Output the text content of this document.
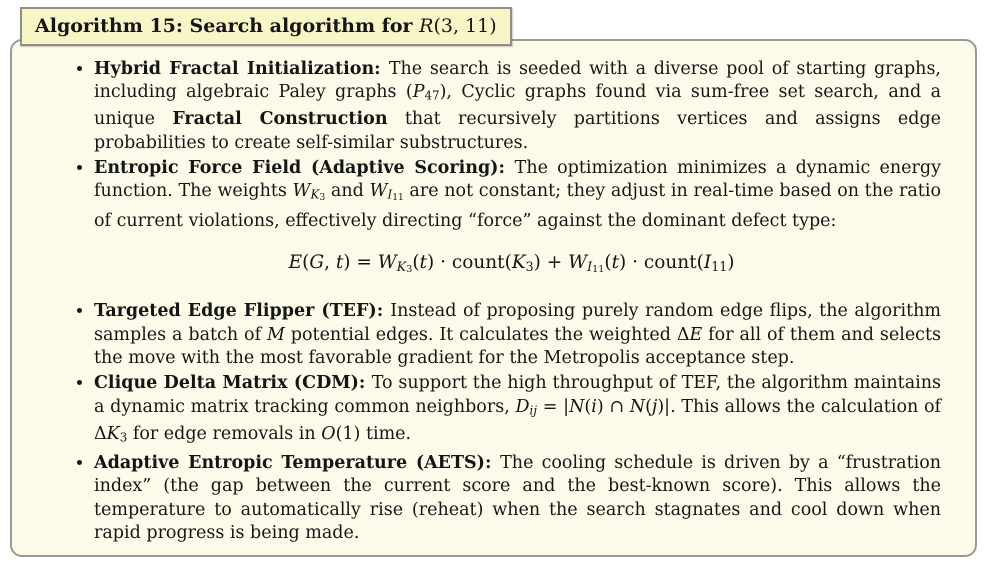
• Hybrid Fractal Initialization: The search is seeded with a diverse pool of starting graphs, including algebraic Paley graphs (P47), Cyclic graphs found via sum-free set search, and a unique Fractal Construction that recursively partitions vertices and assigns edge probabilities to create self-similar substructures.
• Entropic Force Field (Adaptive Scoring): The optimization minimizes a dynamic energy function. The weights $WK_3$ and $WI_{11}$ are not constant; they adjust in real-time based on the ratio of current violations, effectively directing “force” against the dominant defect type:
E(G, $t) = WK_3(t)$ · count(K3) + $WI_{11}(t)$ · count(I11)
• Targeted Edge Flipper (TEF): Instead of proposing purely random edge flips, the algorithm samples a batch of M potential edges. It calculates the weighted ΔE for all of them and selects the move with the most favorable gradient for the Metropolis acceptance step.
• Clique Delta Matrix (CDM): To support the high throughput of TEF, the algorithm maintains a dynamic matrix tracking common neighbors, Dij = |N(i) ∩ N(j)|. This allows the calculation of ΔK3 for edge removals in O(1) time.
• Adaptive Entropic Temperature (AETS): The cooling schedule is driven by a “frustration index” (the gap between the current score and the best-known score). This allows the temperature to automatically rise (reheat) when the search stagnates and cool down when rapid progress is being made.
Algorithm 15: Search algorithm for R(3, 11)
